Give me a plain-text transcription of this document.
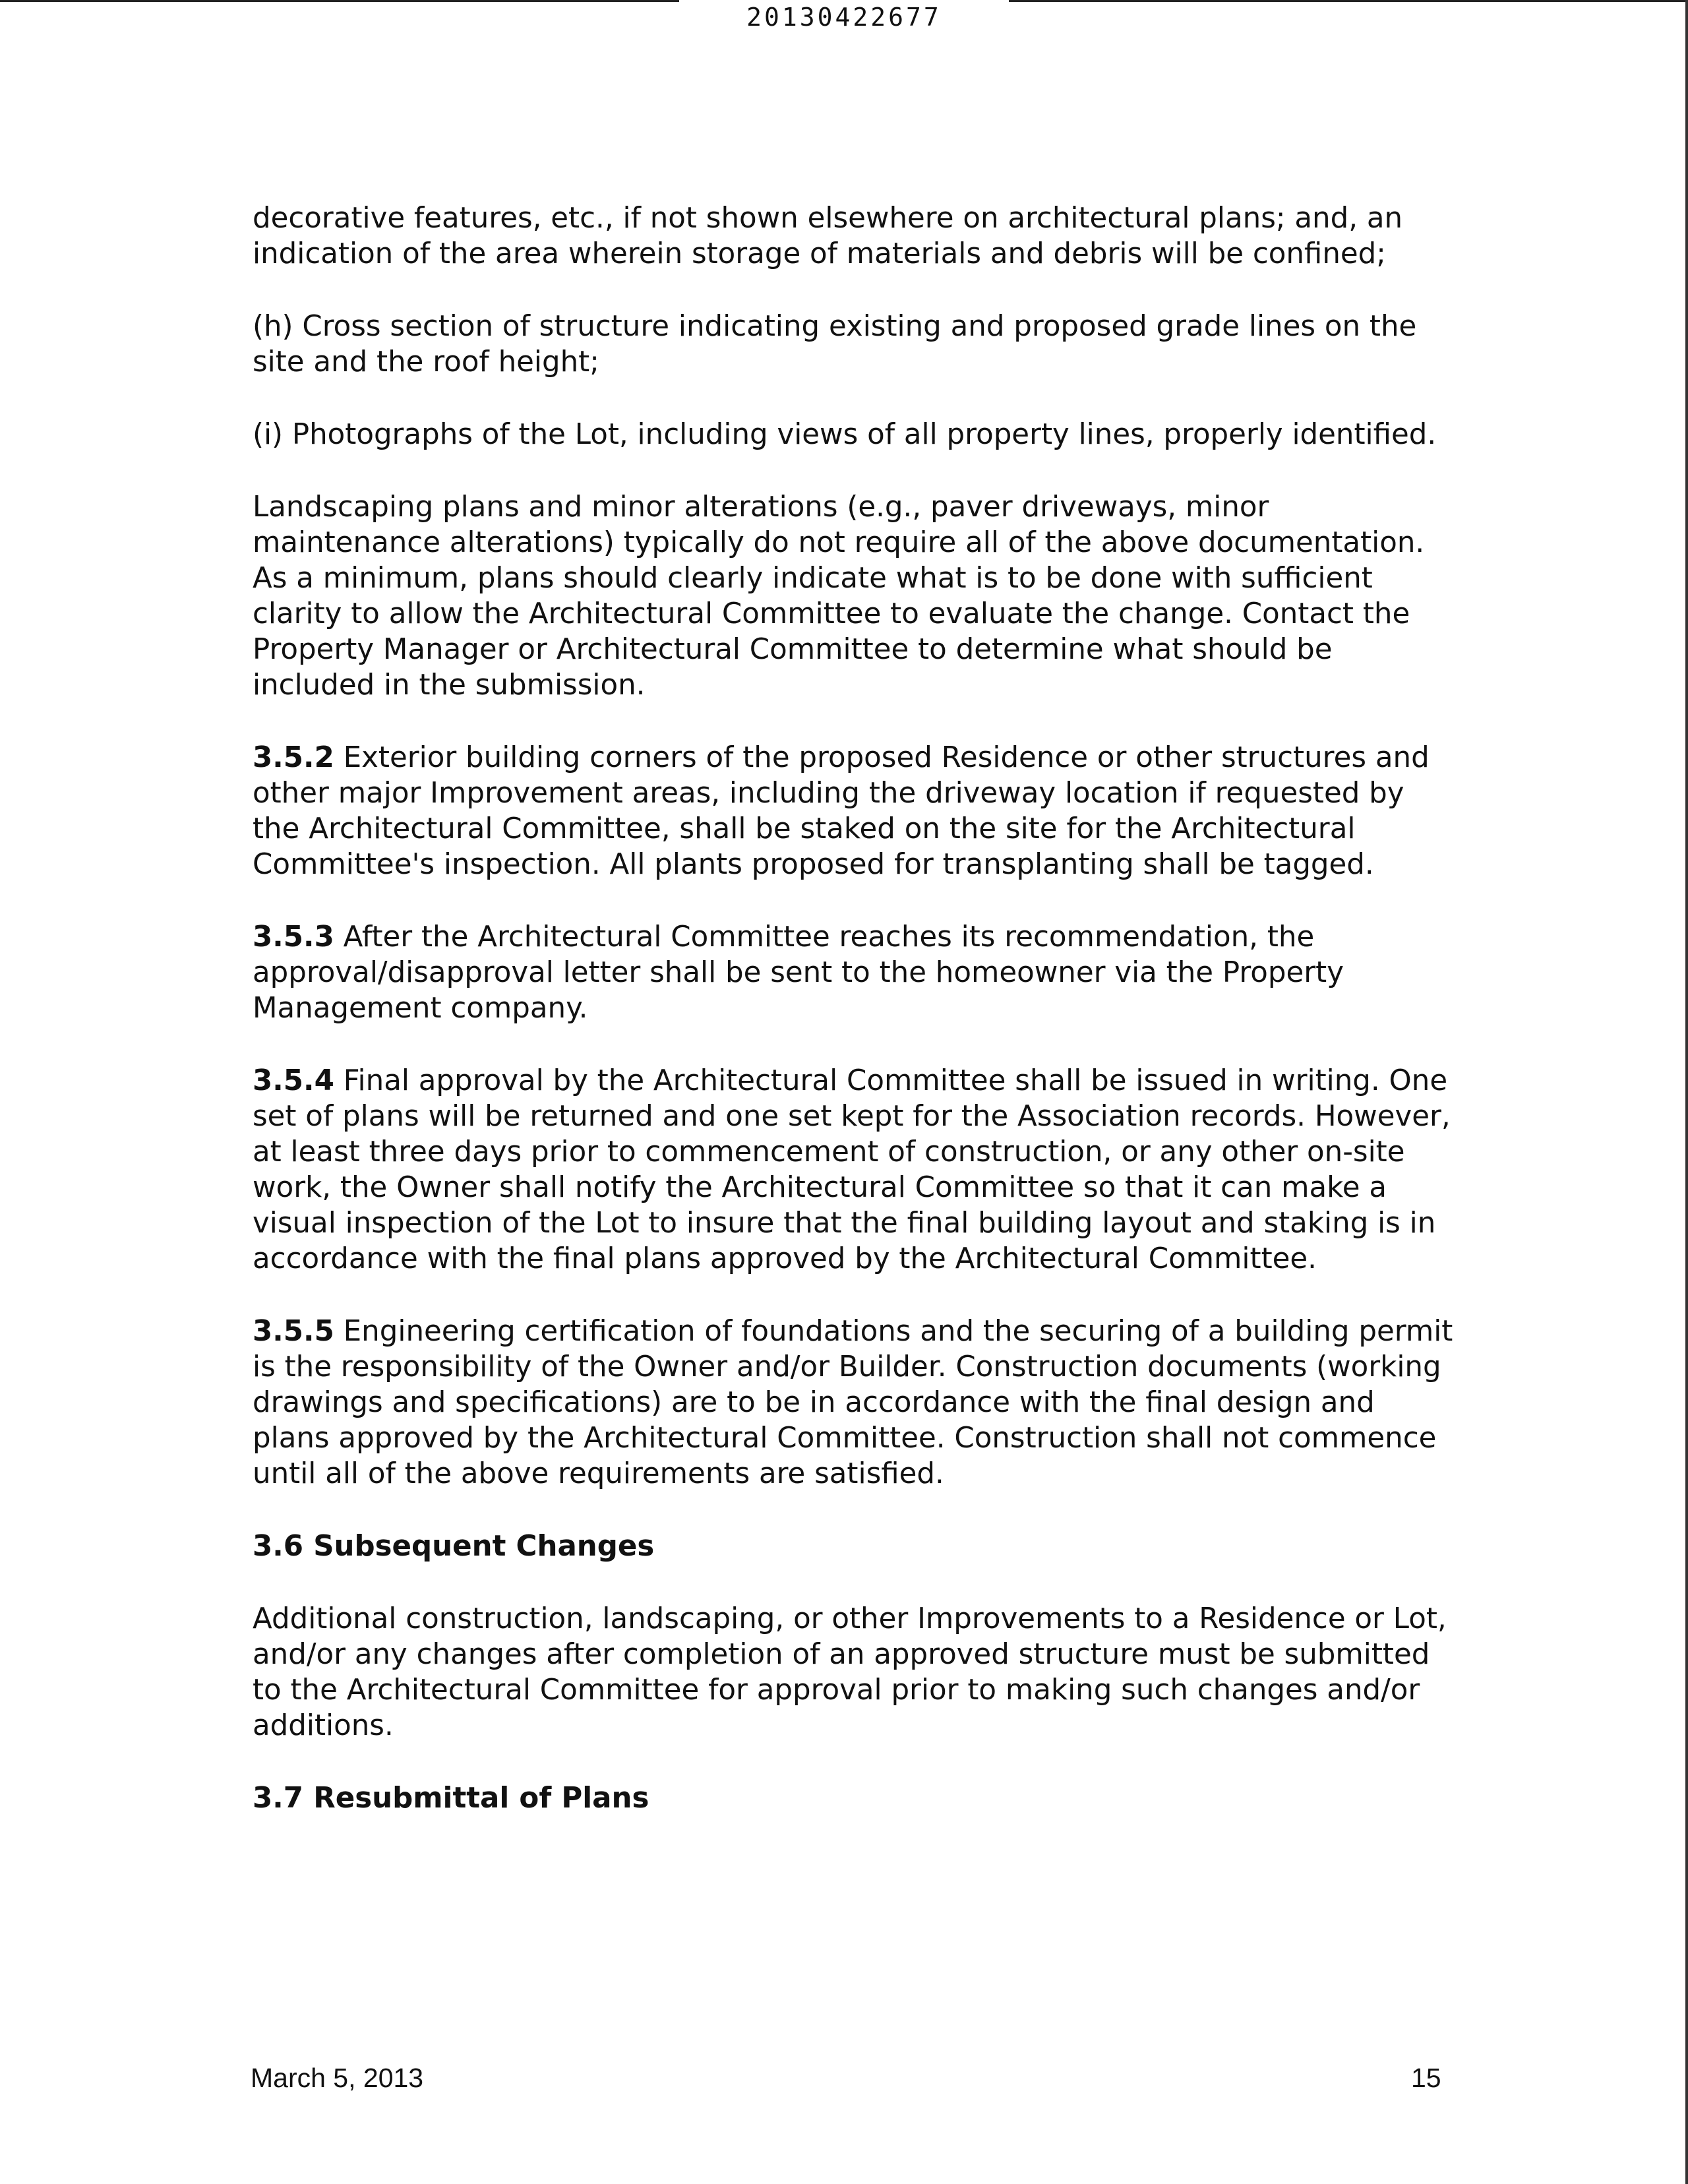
20130422677

decorative features, etc., if not shown elsewhere on architectural plans; and, an indication of the area wherein storage of materials and debris will be confined;

(h) Cross section of structure indicating existing and proposed grade lines on the site and the roof height;

(i) Photographs of the Lot, including views of all property lines, properly identified.

Landscaping plans and minor alterations (e.g., paver driveways, minor maintenance alterations) typically do not require all of the above documentation. As a minimum, plans should clearly indicate what is to be done with sufficient clarity to allow the Architectural Committee to evaluate the change. Contact the Property Manager or Architectural Committee to determine what should be included in the submission.

3.5.2 Exterior building corners of the proposed Residence or other structures and other major Improvement areas, including the driveway location if requested by the Architectural Committee, shall be staked on the site for the Architectural Committee's inspection. All plants proposed for transplanting shall be tagged.

3.5.3 After the Architectural Committee reaches its recommendation, the approval/disapproval letter shall be sent to the homeowner via the Property Management company.

3.5.4 Final approval by the Architectural Committee shall be issued in writing. One set of plans will be returned and one set kept for the Association records. However, at least three days prior to commencement of construction, or any other on-site work, the Owner shall notify the Architectural Committee so that it can make a visual inspection of the Lot to insure that the final building layout and staking is in accordance with the final plans approved by the Architectural Committee.

3.5.5 Engineering certification of foundations and the securing of a building permit is the responsibility of the Owner and/or Builder. Construction documents (working drawings and specifications) are to be in accordance with the final design and plans approved by the Architectural Committee. Construction shall not commence until all of the above requirements are satisfied.

3.6 Subsequent Changes

Additional construction, landscaping, or other Improvements to a Residence or Lot, and/or any changes after completion of an approved structure must be submitted to the Architectural Committee for approval prior to making such changes and/or additions.

3.7 Resubmittal of Plans

March 5, 2013	15
